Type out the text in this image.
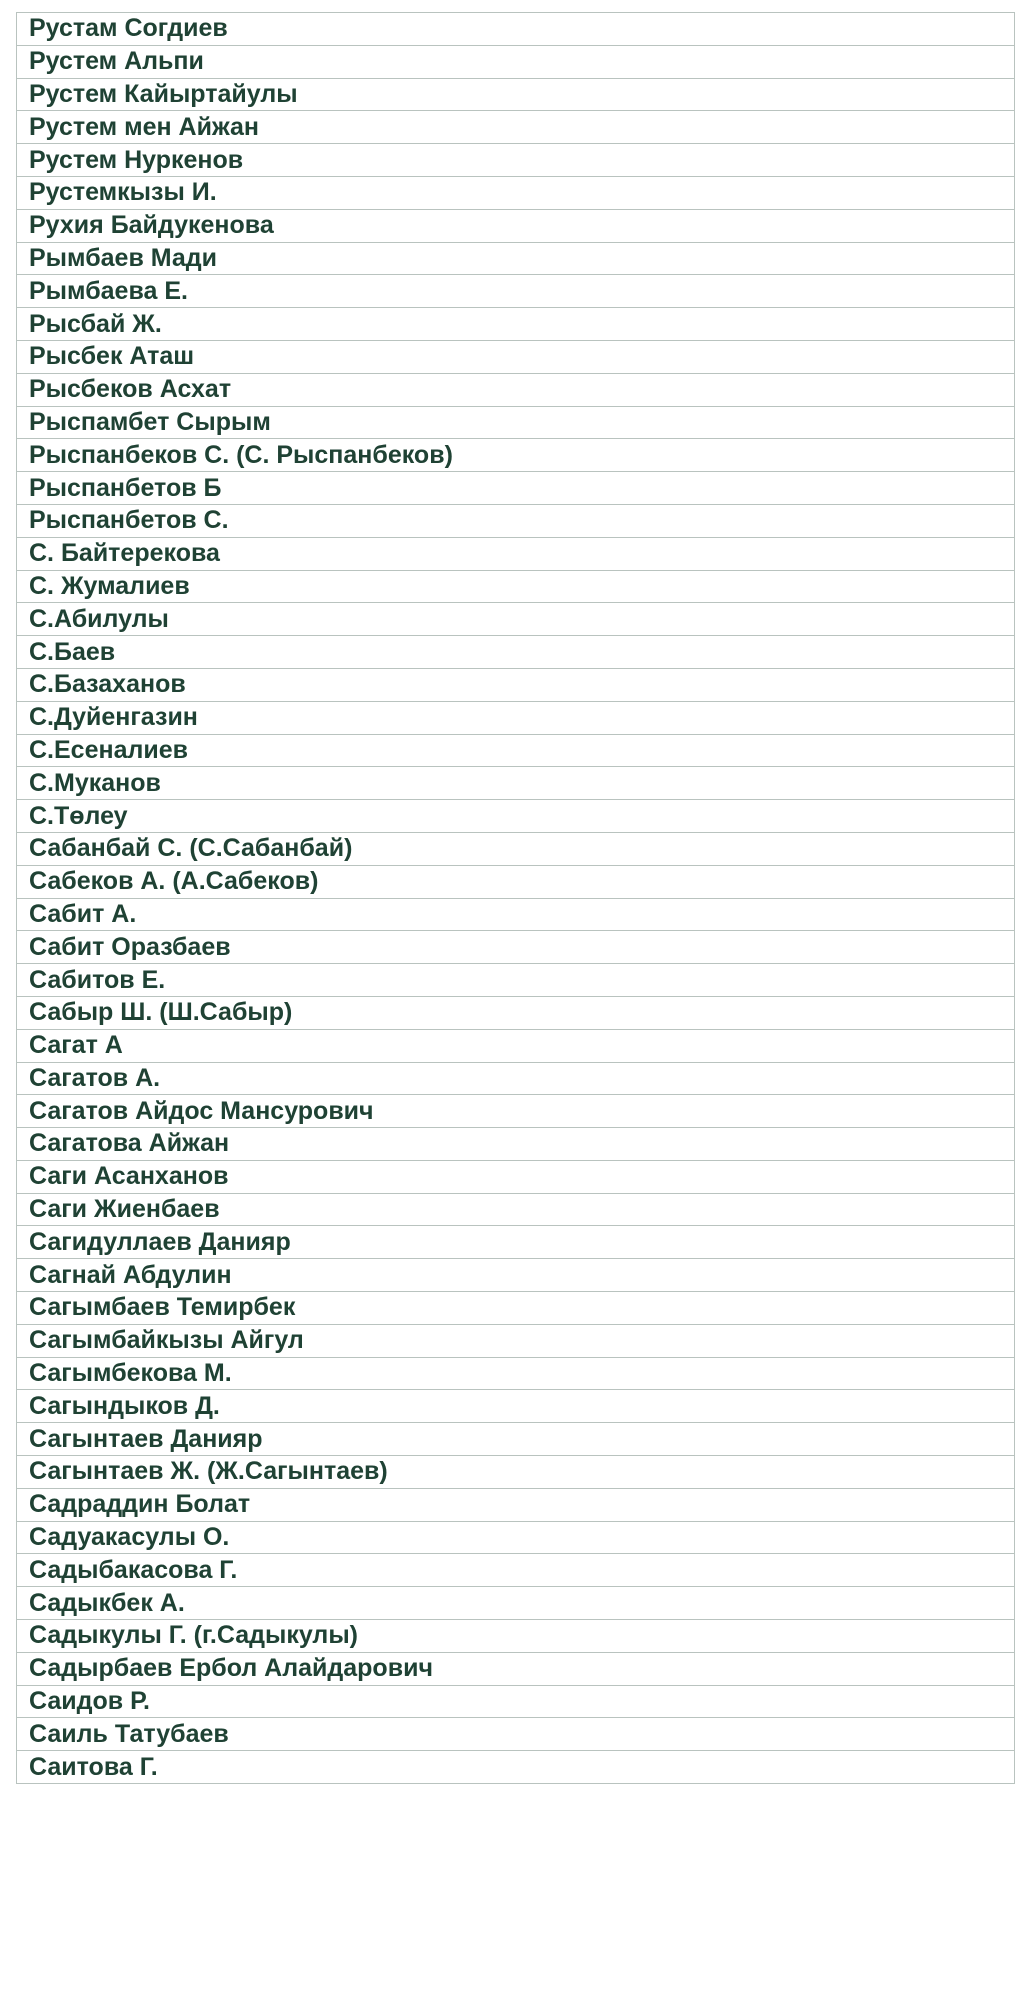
Рустам Согдиев
Рустем Альпи
Рустем Кайыртайулы
Рустем мен Айжан
Рустем Нуркенов
Рустемкызы И.
Рухия Байдукенова
Рымбаев Мади
Рымбаева Е.
Рысбай Ж.
Рысбек Аташ
Рысбеков Асхат
Рыспамбет Сырым
Рыспанбеков С. (С. Рыспанбеков)
Рыспанбетов Б
Рыспанбетов С.
С. Байтерекова
С. Жумалиев
С.Абилулы
С.Баев
С.Базаханов
С.Дуйенгазин
С.Есеналиев
С.Муканов
С.Төлеу
Сабанбай С. (С.Сабанбай)
Сабеков А. (А.Сабеков)
Сабит А.
Сабит Оразбаев
Сабитов Е.
Сабыр Ш. (Ш.Сабыр)
Сагат А
Сагатов А.
Сагатов Айдос Мансурович
Сагатова Айжан
Саги Асанханов
Саги Жиенбаев
Сагидуллаев Данияр
Сагнай Абдулин
Сагымбаев Темирбек
Сагымбайкызы Айгул
Сагымбекова М.
Сагындыков Д.
Сагынтаев Данияр
Сагынтаев Ж. (Ж.Сагынтаев)
Садраддин Болат
Садуакасулы О.
Садыбакасова Г.
Садыкбек А.
Садыкулы Г. (г.Садыкулы)
Садырбаев Ербол Алайдарович
Саидов Р.
Саиль Татубаев
Саитова Г.
